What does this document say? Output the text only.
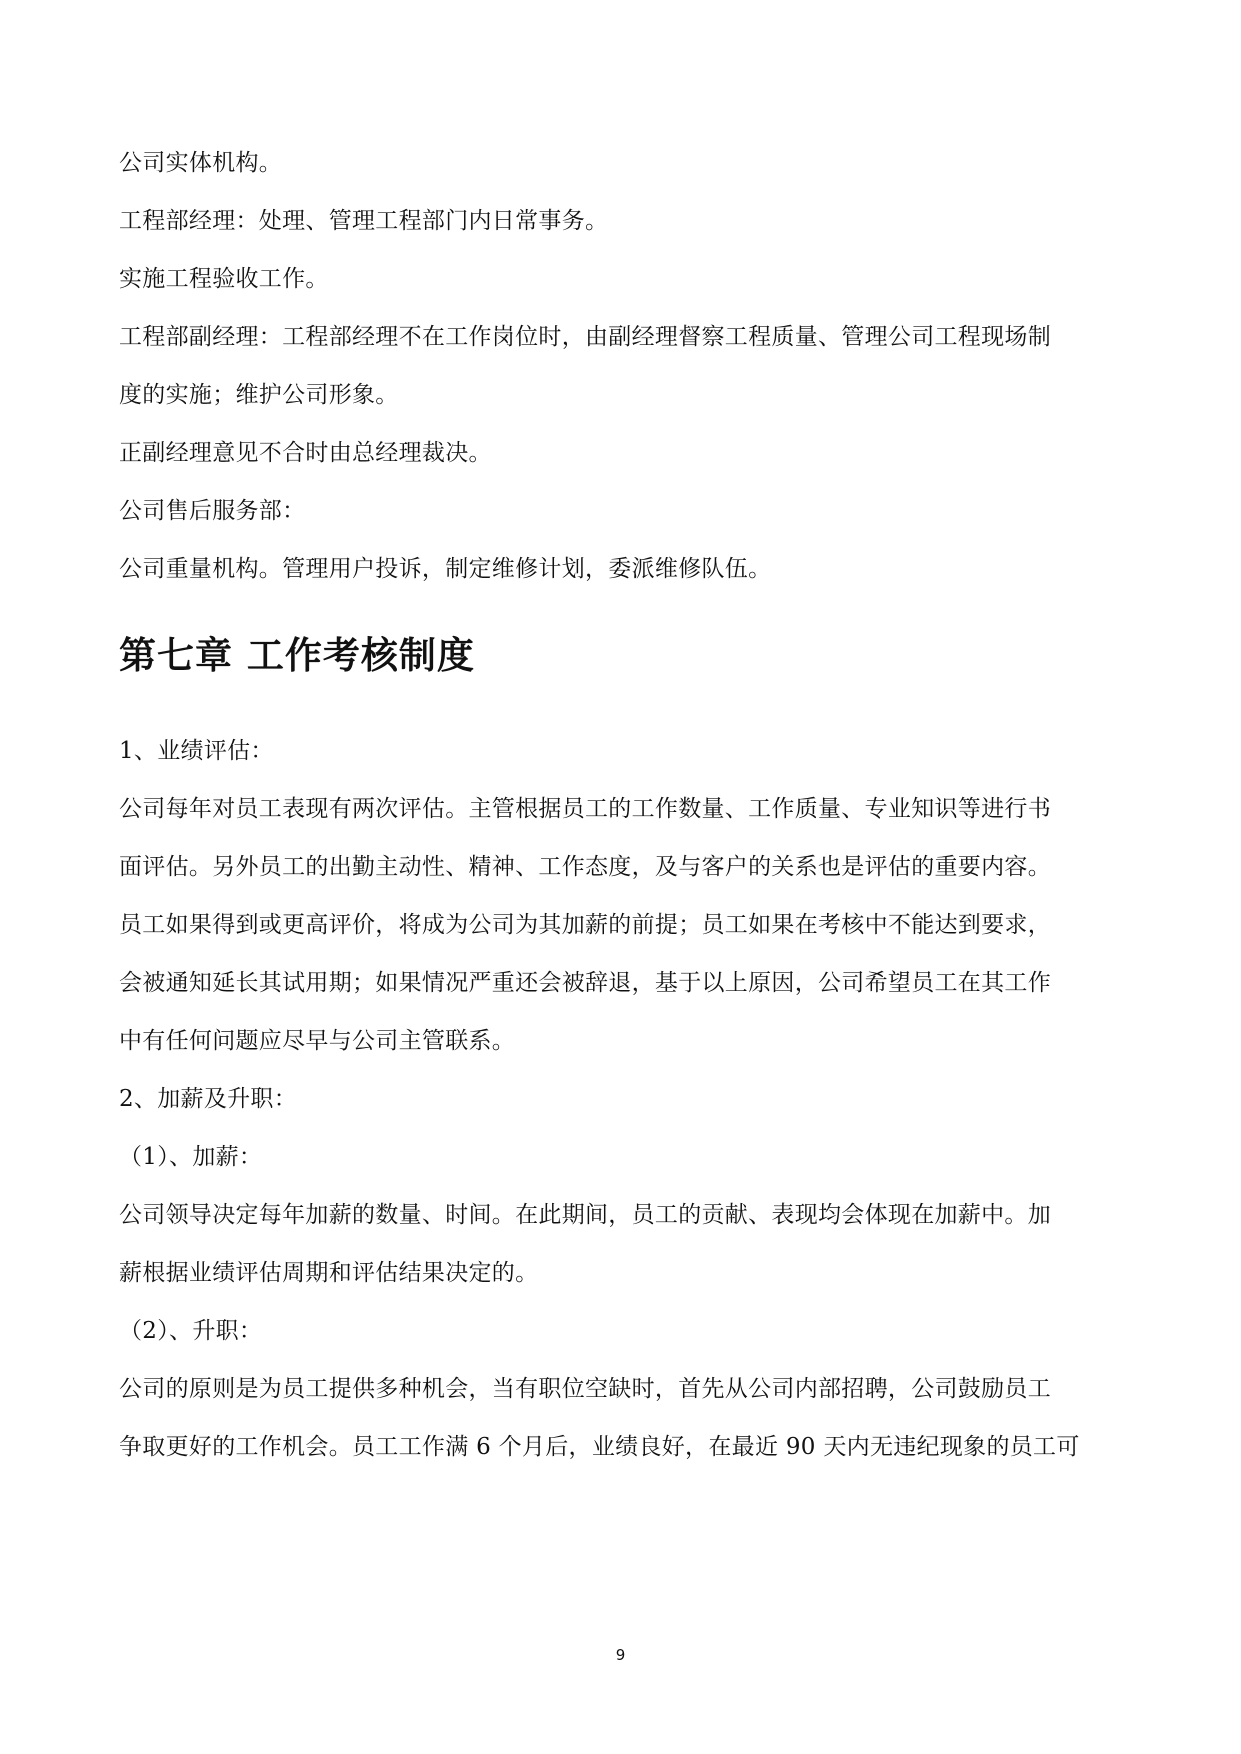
公司实体机构。
工程部经理：处理、管理工程部门内日常事务。
实施工程验收工作。
工程部副经理：工程部经理不在工作岗位时，由副经理督察工程质量、管理公司工程现场制
度的实施；维护公司形象。
正副经理意见不合时由总经理裁决。
公司售后服务部：
公司重量机构。管理用户投诉，制定维修计划，委派维修队伍。
第七章 工作考核制度
1、业绩评估：
公司每年对员工表现有两次评估。主管根据员工的工作数量、工作质量、专业知识等进行书
面评估。另外员工的出勤主动性、精神、工作态度，及与客户的关系也是评估的重要内容。
员工如果得到或更高评价，将成为公司为其加薪的前提；员工如果在考核中不能达到要求，
会被通知延长其试用期；如果情况严重还会被辞退，基于以上原因，公司希望员工在其工作
中有任何问题应尽早与公司主管联系。
2、加薪及升职：
（1）、加薪：
公司领导决定每年加薪的数量、时间。在此期间，员工的贡献、表现均会体现在加薪中。加
薪根据业绩评估周期和评估结果决定的。
（2）、升职：
公司的原则是为员工提供多种机会，当有职位空缺时，首先从公司内部招聘，公司鼓励员工
争取更好的工作机会。员工工作满 6 个月后，业绩良好，在最近 90 天内无违纪现象的员工可
9
